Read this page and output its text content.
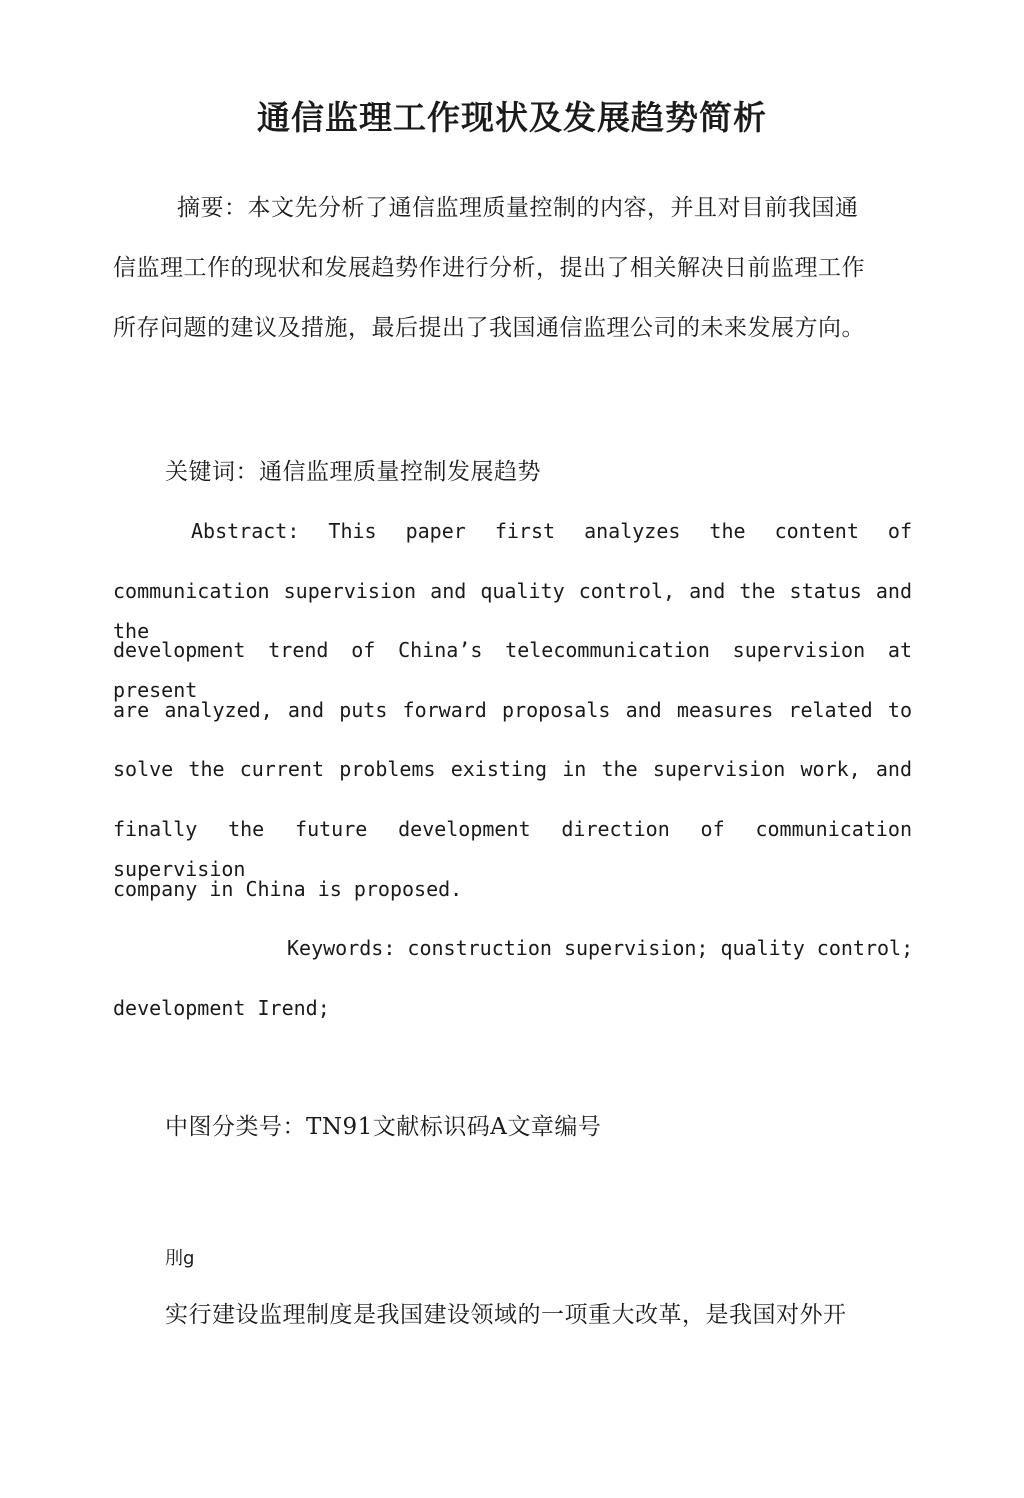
通信监理工作现状及发展趋势简析
摘要：本文先分析了通信监理质量控制的内容，并且对目前我国通
信监理工作的现状和发展趋势作进行分析，提出了相关解决日前监理工作
所存问题的建议及措施，最后提出了我国通信监理公司的未来发展方向。

关键词：通信监理质量控制发展趋势

Abstract: This paper first analyzes the content of
communication supervision and quality control, and the status and the
development trend of China’s telecommunication supervision at present
are analyzed, and puts forward proposals and measures related to
solve the current problems existing in the supervision work, and
finally the future development direction of communication supervision
company in China is proposed.
Keywords: construction supervision; quality control;
development Irend;

中图分类号：TN91文献标识码A文章编号

刖g

实行建设监理制度是我国建设领域的一项重大改革，是我国对外开
